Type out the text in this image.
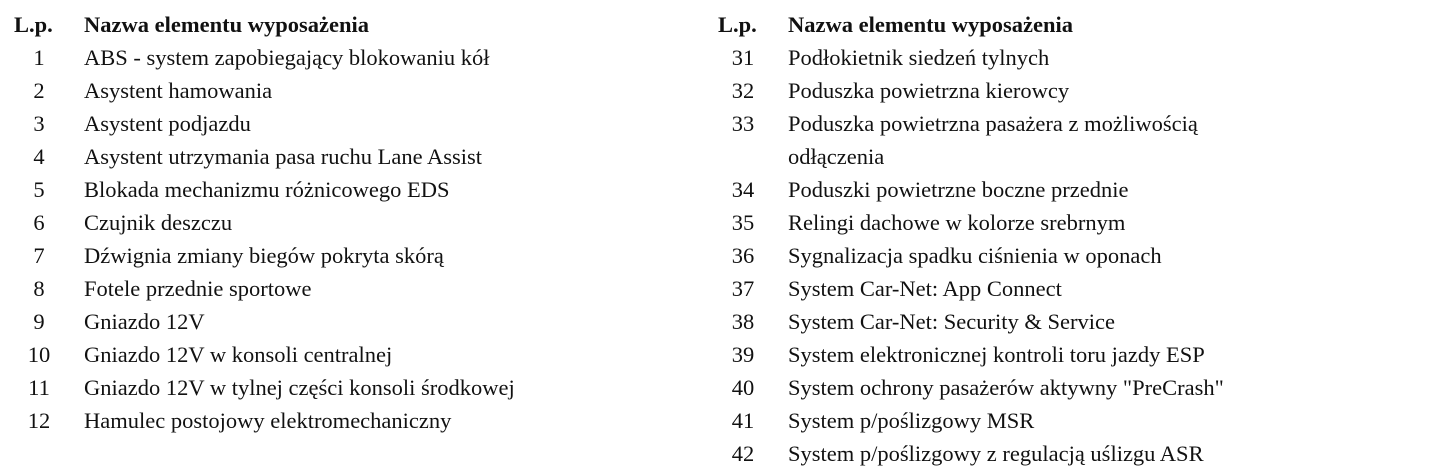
L.p.	Nazwa elementu wyposażenia
1	ABS - system zapobiegający blokowaniu kół
2	Asystent hamowania
3	Asystent podjazdu

4	Asystent utrzymania pasa ruchu Lane Assist
5	Blokada mechanizmu różnicowego EDS
6	Czujnik deszczu
7	Dźwignia zmiany biegów pokryta skórą
8	Fotele przednie sportowe
9	Gniazdo 12V
10	Gniazdo 12V w konsoli centralnej
11	Gniazdo 12V w tylnej części konsoli środkowej
12	Hamulec postojowy elektromechaniczny
L.p.	Nazwa elementu wyposażenia
31	Podłokietnik siedzeń tylnych
32	Poduszka powietrzna kierowcy
33	Poduszka powietrzna pasażera z możliwością
odłączenia
34	Poduszki powietrzne boczne przednie
35	Relingi dachowe w kolorze srebrnym
36	Sygnalizacja spadku ciśnienia w oponach
37	System Car-Net: App Connect
38	System Car-Net: Security & Service
39	System elektronicznej kontroli toru jazdy ESP
40	System ochrony pasażerów aktywny "PreCrash"
41	System p/poślizgowy MSR
42	System p/poślizgowy z regulacją uślizgu ASR
